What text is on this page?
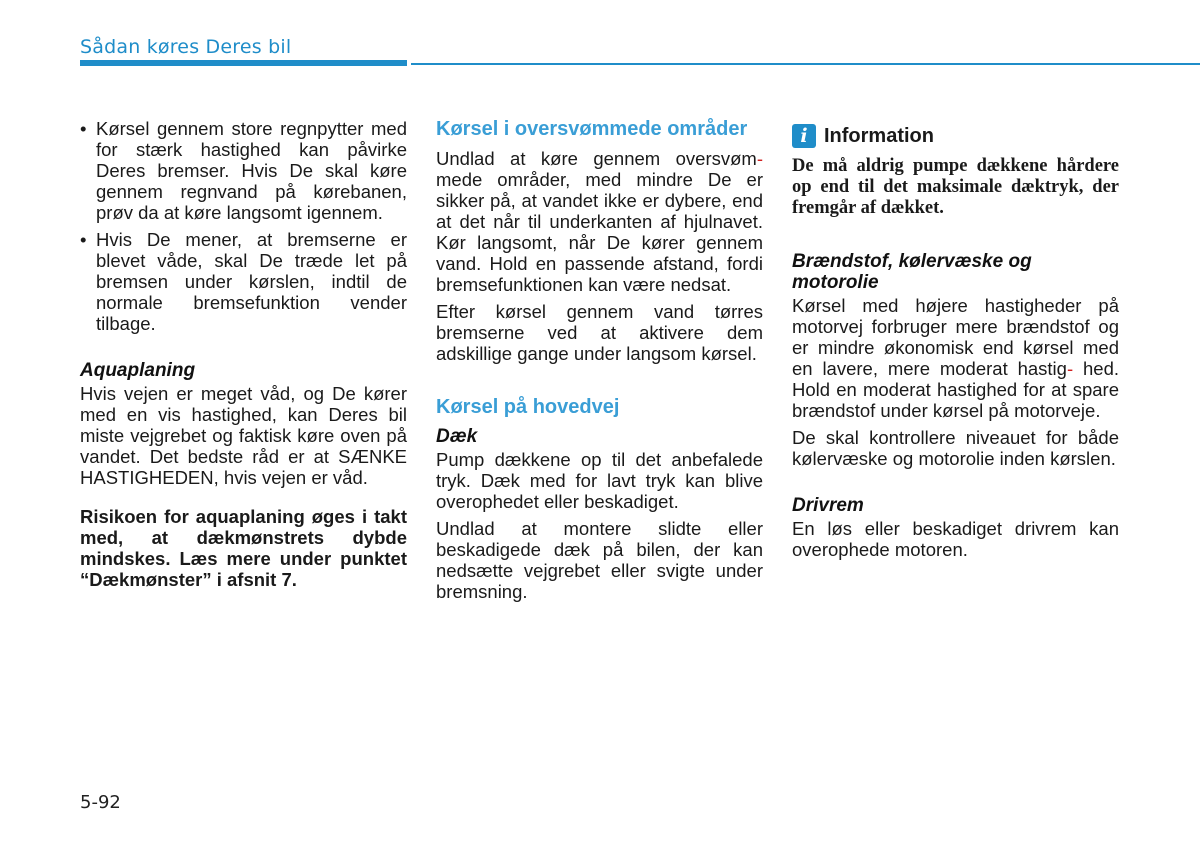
Sådan køres Deres bil
• Kørsel gennem store regnpytter med for stærk hastighed kan påvirke Deres bremser. Hvis De skal køre gennem regnvand på kørebanen, prøv da at køre langsomt igennem.
• Hvis De mener, at bremserne er blevet våde, skal De træde let på bremsen under kørslen, indtil de normale bremsefunktion vender tilbage.
Aquaplaning

Hvis vejen er meget våd, og De kører med en vis hastighed, kan Deres bil miste vejgrebet og faktisk køre oven på vandet. Det bedste råd er at SÆNKE HASTIGHEDEN, hvis vejen er våd.

Risikoen for aquaplaning øges i takt med, at dækmønstrets dybde mindskes. Læs mere under punktet “Dækmønster” i afsnit 7.

Kørsel i oversvømmede områder

Undlad at køre gennem oversvøm- mede områder, med mindre De er sikker på, at vandet ikke er dybere, end at det når til underkanten af hjulnavet. Kør langsomt, når De kører gennem vand. Hold en passende afstand, fordi bremsefunktionen kan være nedsat.

Efter kørsel gennem vand tørres bremserne ved at aktivere dem adskillige gange under langsom kørsel.

Kørsel på hovedvej
Dæk

Pump dækkene op til det anbefalede tryk. Dæk med for lavt tryk kan blive overophedet eller beskadiget.

Undlad at montere slidte eller beskadigede dæk på bilen, der kan nedsætte vejgrebet eller svigte under bremsning.

i Information

De må aldrig pumpe dækkene hårdere op end til det maksimale dæktryk, der fremgår af dækket.

Brændstof, kølervæske og motorolie

Kørsel med højere hastigheder på motorvej forbruger mere brændstof og er mindre økonomisk end kørsel med en lavere, mere moderat hastig- hed. Hold en moderat hastighed for at spare brændstof under kørsel på motorveje.

De skal kontrollere niveauet for både kølervæske og motorolie inden kørslen.

Drivrem

En løs eller beskadiget drivrem kan overophede motoren.

5-92
